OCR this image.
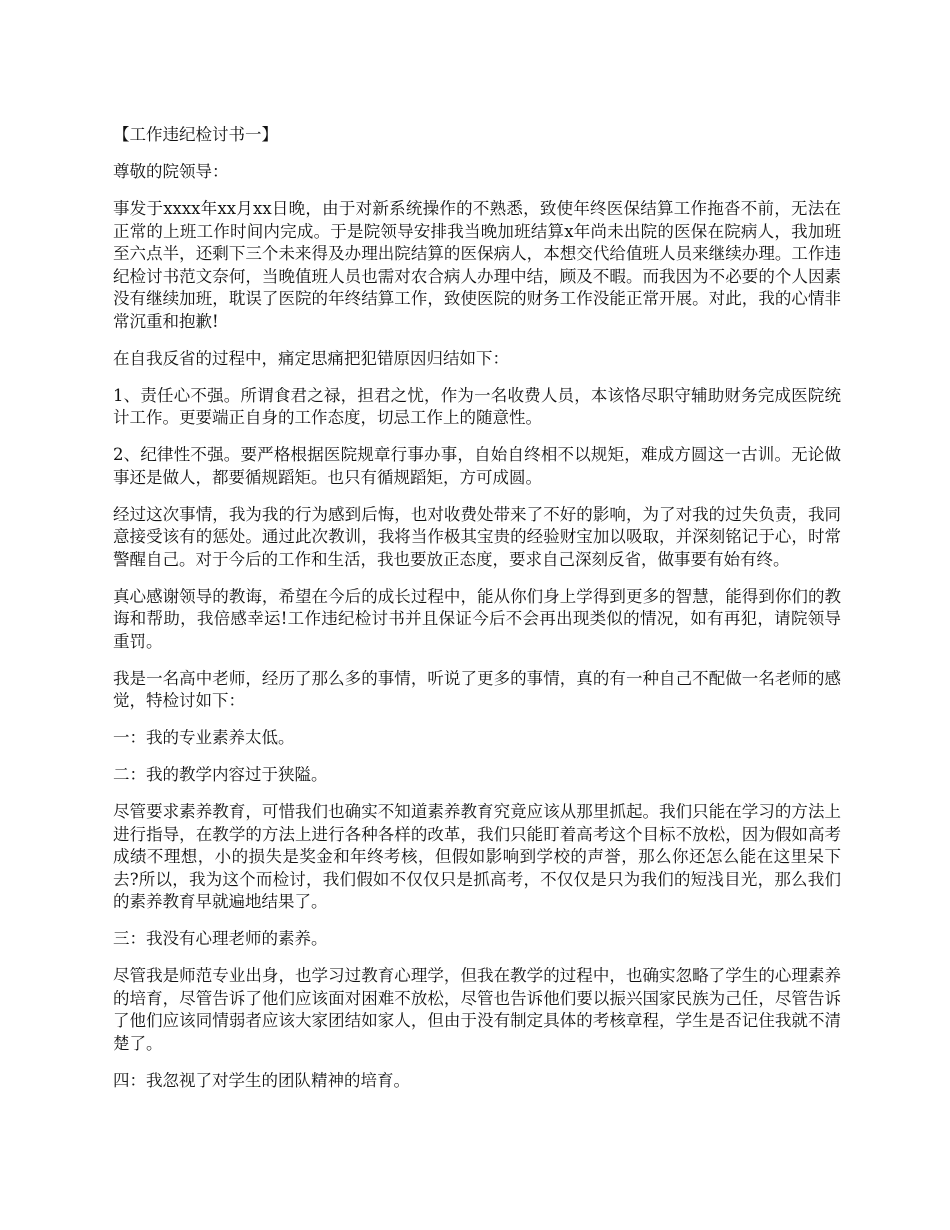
【工作违纪检讨书一】

尊敬的院领导：

事发于xxxx年xx月xx日晚，由于对新系统操作的不熟悉，致使年终医保结算工作拖沓不前，无法在正常的上班工作时间内完成。于是院领导安排我当晚加班结算x年尚未出院的医保在院病人，我加班至六点半，还剩下三个未来得及办理出院结算的医保病人，本想交代给值班人员来继续办理。工作违纪检讨书范文奈何，当晚值班人员也需对农合病人办理中结，顾及不暇。而我因为不必要的个人因素没有继续加班，耽误了医院的年终结算工作，致使医院的财务工作没能正常开展。对此，我的心情非常沉重和抱歉!

在自我反省的过程中，痛定思痛把犯错原因归结如下：

1、责任心不强。所谓食君之禄，担君之忧，作为一名收费人员，本该恪尽职守辅助财务完成医院统计工作。更要端正自身的工作态度，切忌工作上的随意性。

2、纪律性不强。要严格根据医院规章行事办事，自始自终相不以规矩，难成方圆这一古训。无论做事还是做人，都要循规蹈矩。也只有循规蹈矩，方可成圆。

经过这次事情，我为我的行为感到后悔，也对收费处带来了不好的影响，为了对我的过失负责，我同意接受该有的惩处。通过此次教训，我将当作极其宝贵的经验财宝加以吸取，并深刻铭记于心，时常警醒自己。对于今后的工作和生活，我也要放正态度，要求自己深刻反省，做事要有始有终。

真心感谢领导的教诲，希望在今后的成长过程中，能从你们身上学得到更多的智慧，能得到你们的教诲和帮助，我倍感幸运!工作违纪检讨书并且保证今后不会再出现类似的情况，如有再犯，请院领导重罚。

我是一名高中老师，经历了那么多的事情，听说了更多的事情，真的有一种自己不配做一名老师的感觉，特检讨如下：

一：我的专业素养太低。

二：我的教学内容过于狭隘。

尽管要求素养教育，可惜我们也确实不知道素养教育究竟应该从那里抓起。我们只能在学习的方法上进行指导，在教学的方法上进行各种各样的改革，我们只能盯着高考这个目标不放松，因为假如高考成绩不理想，小的损失是奖金和年终考核，但假如影响到学校的声誉，那么你还怎么能在这里呆下去?所以，我为这个而检讨，我们假如不仅仅只是抓高考，不仅仅是只为我们的短浅目光，那么我们的素养教育早就遍地结果了。

三：我没有心理老师的素养。

尽管我是师范专业出身，也学习过教育心理学，但我在教学的过程中，也确实忽略了学生的心理素养的培育，尽管告诉了他们应该面对困难不放松，尽管也告诉他们要以振兴国家民族为己任，尽管告诉了他们应该同情弱者应该大家团结如家人，但由于没有制定具体的考核章程，学生是否记住我就不清楚了。

四：我忽视了对学生的团队精神的培育。
